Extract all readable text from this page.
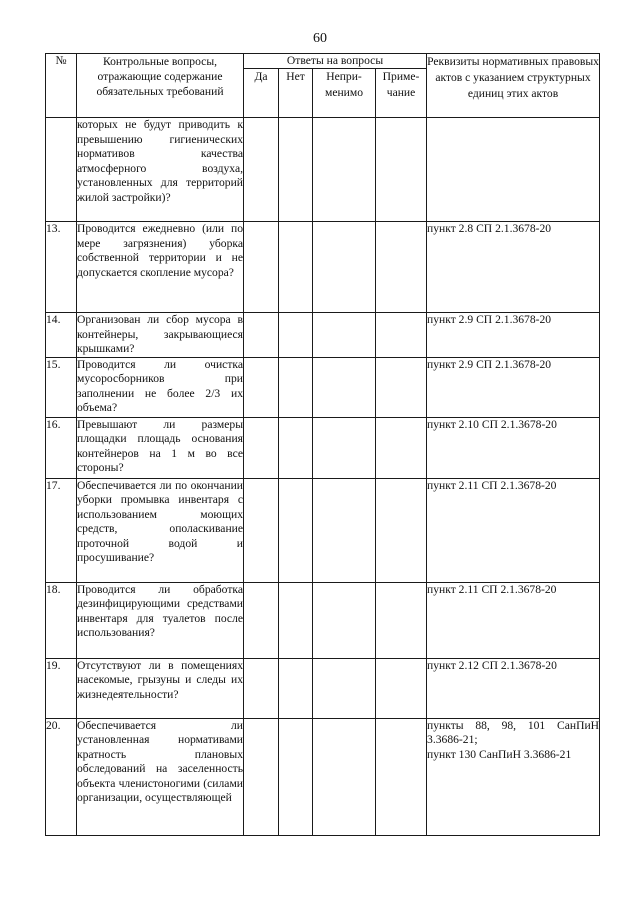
60
№	Контрольные вопросы, отражающие содержание обязательных требований	Ответы на вопросы				Реквизиты нормативных правовых актов с указанием структурных единиц этих актов
		Да	Нет	Непри-менимо	Приме-чание	
	которых не будут приводить к превышению гигиенических нормативов качества атмосферного воздуха, установленных для территорий жилой застройки)?					
13.	Проводится ежедневно (или по мере загрязнения) уборка собственной территории и не допускается скопление мусора?					пункт 2.8 СП 2.1.3678-20

14.	Организован ли сбор мусора в контейнеры, закрывающиеся крышками?					пункт 2.9 СП 2.1.3678-20

15.	Проводится ли очистка мусоросборников при заполнении не более 2/3 их объема?					пункт 2.9 СП 2.1.3678-20

16.	Превышают ли размеры площадки площадь основания контейнеров на 1 м во все стороны?					пункт 2.10 СП 2.1.3678-20

17.	Обеспечивается ли по окончании уборки промывка инвентаря с использованием моющих средств, ополаскивание проточной водой и просушивание?					пункт 2.11 СП 2.1.3678-20

18.	Проводится ли обработка дезинфицирующими средствами инвентаря для туалетов после использования?					пункт 2.11 СП 2.1.3678-20

19.	Отсутствуют ли в помещениях насекомые, грызуны и следы их жизнедеятельности?					пункт 2.12 СП 2.1.3678-20

20.	Обеспечивается ли установленная нормативами кратность плановых обследований на заселенность объекта членистоногими (силами организации, осуществляющей					пункты 88, 98, 101 СанПиН 3.3686-21;
пункт 130 СанПиН 3.3686-21
